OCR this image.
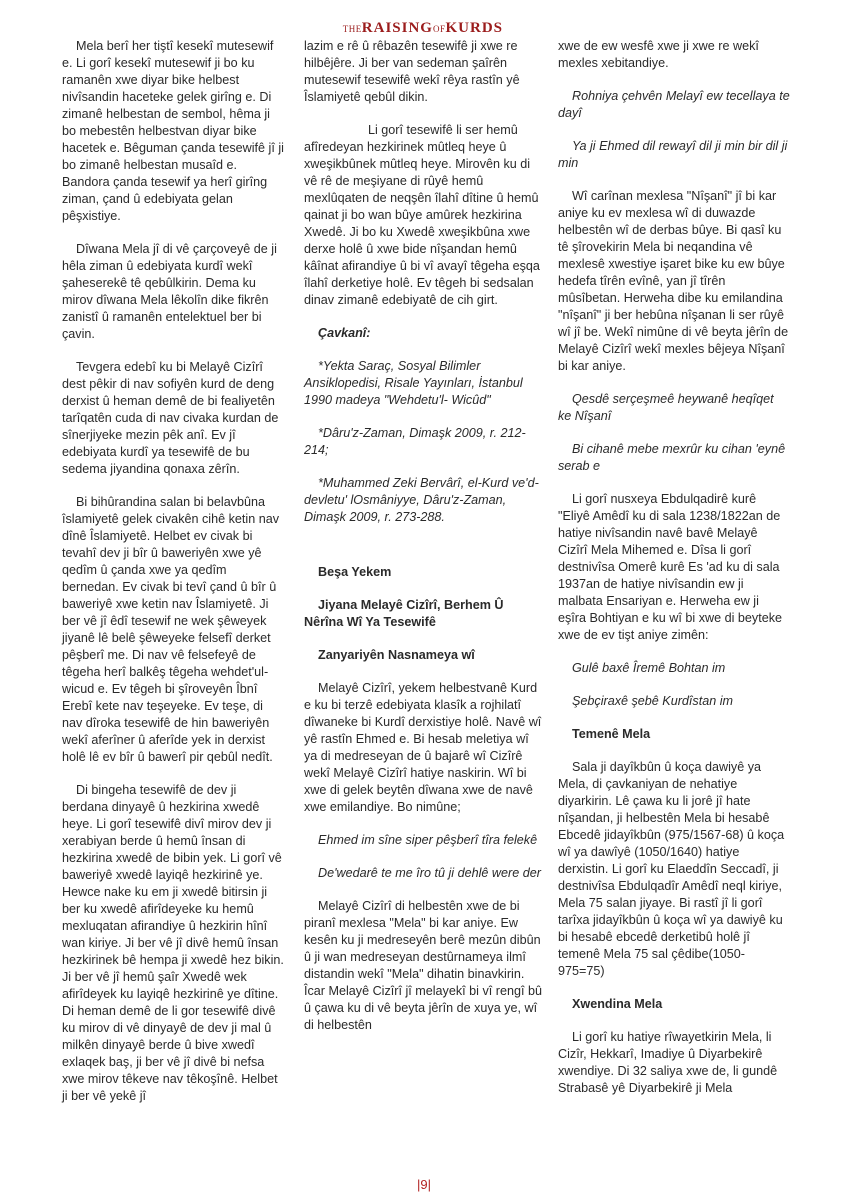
THERAISINGOFKURDS

Mela berî her tiştî kesekî mutesewif e. Li gorî kesekî mutesewif ji bo ku ramanên xwe diyar bike helbest nivîsandin haceteke gelek girîng e. Di zimanê helbestan de sembol, hêma ji bo mebestên helbestvan diyar bike hacetek e. Bêguman çanda tesewifê jî ji bo zimanê helbestan musaîd e. Bandora çanda tesewif ya herî girîng ziman, çand û edebiyata gelan pêşxistiye.

Dîwana Mela jî di vê çarçoveyê de ji hêla ziman û edebiyata kurdî wekî şaheserekê tê qebûlkirin. Dema ku mirov dîwana Mela lêkolîn dike fikrên zanistî û ramanên entelektuel ber bi çavin.

Tevgera edebî ku bi Melayê Cizîrî dest pêkir di nav sofiyên kurd de deng derxist û heman demê de bi fealiyetên tarîqatên cuda di nav civaka kurdan de sînerjiyeke mezin pêk anî. Ev jî edebiyata kurdî ya tesewifê de bu sedema jiyandina qonaxa zêrîn.

Bi bihûrandina salan bi belavbûna îslamiyetê gelek civakên cihê ketin nav dînê Îslamiyetê. Helbet ev civak bi tevahî dev ji bîr û baweriyên xwe yê qedîm û çanda xwe ya qedîm bernedan. Ev civak bi tevî çand û bîr û baweriyê xwe ketin nav Îslamiyetê. Ji ber vê jî êdî tesewif ne wek şêweyek jiyanê lê belê şêweyeke felsefî derket pêşberî me. Di nav vê felsefeyê de têgeha herî balkêş têgeha wehdet'ul-wicud e. Ev têgeh bi şîroveyên Îbnî Erebî kete nav teşeyeke. Ev teşe, di nav dîroka tesewifê de hin baweriyên wekî aferîner û aferîde yek in derxist holê lê ev bîr û bawerî pir qebûl nedît.

Di bingeha tesewifê de dev ji berdana dinyayê û hezkirina xwedê heye. Li gorî tesewifê divî mirov dev ji xerabiyan berde û hemû însan di hezkirina xwedê de bibin yek. Li gorî vê baweriyê xwedê layiqê hezkirinê ye. Hewce nake ku em ji xwedê bitirsin ji ber ku xwedê afirîdeyeke ku hemû mexluqatan afirandiye û hezkirin hînî wan kiriye. Ji ber vê jî divê hemû însan hezkirinek bê hempa ji xwedê hez bikin. Ji ber vê jî hemû şaîr Xwedê wek afirîdeyek ku layiqê hezkirinê ye dîtine. Di heman demê de li gor tesewifê divê ku mirov di vê dinyayê de dev ji mal û milkên dinyayê berde û bive xwedî exlaqek baş, ji ber vê jî divê bi nefsa xwe mirov têkeve nav têkoşînê. Helbet ji ber vê yekê jî

lazim e rê û rêbazên tesewifê ji xwe re hilbêjêre. Ji ber van sedeman şaîrên mutesewif tesewifê wekî rêya rastîn yê Îslamiyetê qebûl dikin.

Li gorî tesewifê li ser hemû afîredeyan hezkirinek mûtleq heye û xweşikbûnek mûtleq heye. Mirovên ku di vê rê de meşiyane di rûyê hemû mexlûqaten de neqşên îlahî dîtine û hemû qainat ji bo wan bûye amûrek hezkirina Xwedê. Ji bo ku Xwedê xweşikbûna xwe derxe holê û xwe bide nîşandan hemû kâînat afirandiye û bi vî avayî têgeha eşqa îlahî derketiye holê. Ev têgeh bi sedsalan dinav zimanê edebiyatê de cih girt.

Çavkanî:

*Yekta Saraç, Sosyal Bilimler Ansiklopedisi, Risale Yayınları, İstanbul 1990 madeya "Wehdetu'l- Wicûd"

*Dâru'z-Zaman, Dimaşk 2009, r. 212-214;

*Muhammed Zeki Bervârî, el-Kurd ve'd-devletu' lOsmâniyye, Dâru'z-Zaman, Dimaşk 2009, r. 273-288.

Beşa Yekem

Jiyana Melayê Cizîrî, Berhem Û Nêrîna Wî Ya Tesewifê

Zanyariyên Nasnameya wî

Melayê Cizîrî, yekem helbestvanê Kurd e ku bi terzê edebiyata klasîk a rojhilatî dîwaneke bi Kurdî derxistiye holê. Navê wî yê rastîn Ehmed e. Bi hesab meletiya wî ya di medreseyan de û bajarê wî Cizîrê wekî Melayê Cizîrî hatiye naskirin. Wî bi xwe di gelek beytên dîwana xwe de navê xwe emilandiye. Bo nimûne;

Ehmed im sîne siper pêşberî tîra felekê

De'wedarê te me îro tû ji dehlê were der

Melayê Cizîrî di helbestên xwe de bi piranî mexlesa "Mela" bi kar aniye. Ew kesên ku ji medreseyên berê mezûn dibûn û ji wan medreseyan destûrnameya ilmî distandin wekî "Mela" dihatin binavkirin. Îcar Melayê Cizîrî jî melayekî bi vî rengî bû û çawa ku di vê beyta jêrîn de xuya ye, wî di helbestên

xwe de ew wesfê xwe ji xwe re wekî mexles xebitandiye.

Rohniya çehvên Melayî ew tecellaya te dayî

Ya ji Ehmed dil rewayî dil ji min bir dil ji min

Wî carînan mexlesa "Nîşanî" jî bi kar aniye ku ev mexlesa wî di duwazde helbestên wî de derbas bûye. Bi qasî ku tê şîrovekirin Mela bi neqandina vê mexlesê xwestiye işaret bike ku ew bûye hedefa tîrên evînê, yan jî tîrên mûsîbetan. Herweha dibe ku emilandina "nîşanî" ji ber hebûna nîşanan li ser rûyê wî jî be. Wekî nimûne di vê beyta jêrîn de Melayê Cizîrî wekî mexles bêjeya Nîşanî bi kar aniye.

Qesdê serçeşmeê heywanê heqîqet ke Nîşanî

Bi cihanê mebe mexrûr ku cihan 'eynê serab e

Li gorî nusxeya Ebdulqadirê kurê "Eliyê Amêdî ku di sala 1238/1822an de hatiye nivîsandin navê bavê Melayê Cizîrî Mela Mihemed e. Dîsa li gorî destnivîsa Omerê kurê Es 'ad ku di sala 1937an de hatiye nivîsandin ew ji malbata Ensariyan e. Herweha ew ji eşîra Bohtiyan e ku wî bi xwe di beyteke xwe de ev tişt aniye zimên:

Gulê baxê Îremê Bohtan im

Şebçiraxê şebê Kurdîstan im

Temenê Mela

Sala ji dayîkbûn û koça dawiyê ya Mela, di çavkaniyan de nehatiye diyarkirin. Lê çawa ku li jorê jî hate nîşandan, ji helbestên Mela bi hesabê Ebcedê jidayîkbûn (975/1567-68) û koça wî ya dawîyê (1050/1640) hatiye derxistin. Li gorî ku Elaeddîn Seccadî, ji destnivîsa Ebdulqadîr Amêdî neql kiriye, Mela 75 salan jiyaye. Bi rastî jî li gorî tarîxa jidayîkbûn û koça wî ya dawiyê ku bi hesabê ebcedê derketibû holê jî temenê Mela 75 sal çêdibe(1050-975=75)

Xwendina Mela

Li gorî ku hatiye rîwayetkirin Mela, li Cizîr, Hekkarî, Imadiye û Diyarbekirê xwendiye. Di 32 saliya xwe de, li gundê Strabasê yê Diyarbekirê ji Mela

|9|
